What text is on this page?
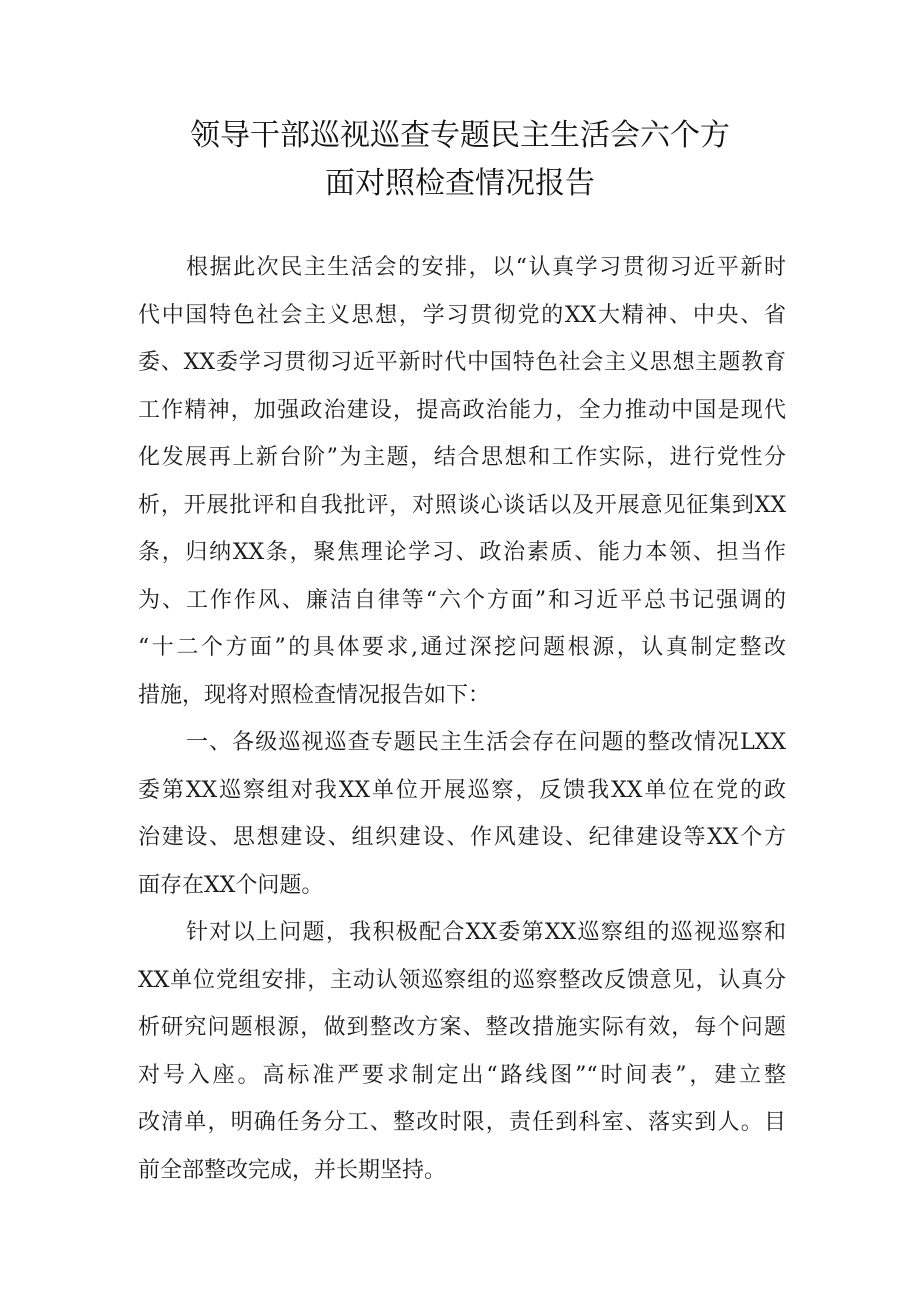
领导干部巡视巡查专题民主生活会六个方
面对照检查情况报告
根据此次民主生活会的安排，以“认真学习贯彻习近平新时
代中国特色社会主义思想，学习贯彻党的XX大精神、中央、省
委、XX委学习贯彻习近平新时代中国特色社会主义思想主题教育
工作精神，加强政治建设，提高政治能力，全力推动中国是现代
化发展再上新台阶”为主题，结合思想和工作实际，进行党性分
析，开展批评和自我批评，对照谈心谈话以及开展意见征集到XX
条，归纳XX条，聚焦理论学习、政治素质、能力本领、担当作
为、工作作风、廉洁自律等“六个方面”和习近平总书记强调的
“十二个方面”的具体要求,通过深挖问题根源，认真制定整改
措施，现将对照检查情况报告如下：
一、各级巡视巡查专题民主生活会存在问题的整改情况LXX
委第XX巡察组对我XX单位开展巡察，反馈我XX单位在党的政
治建设、思想建设、组织建设、作风建设、纪律建设等XX个方
面存在XX个问题。
针对以上问题，我积极配合XX委第XX巡察组的巡视巡察和
XX单位党组安排，主动认领巡察组的巡察整改反馈意见，认真分
析研究问题根源，做到整改方案、整改措施实际有效，每个问题
对号入座。高标准严要求制定出“路线图”“时间表”，建立整
改清单，明确任务分工、整改时限，责任到科室、落实到人。目
前全部整改完成，并长期坚持。
